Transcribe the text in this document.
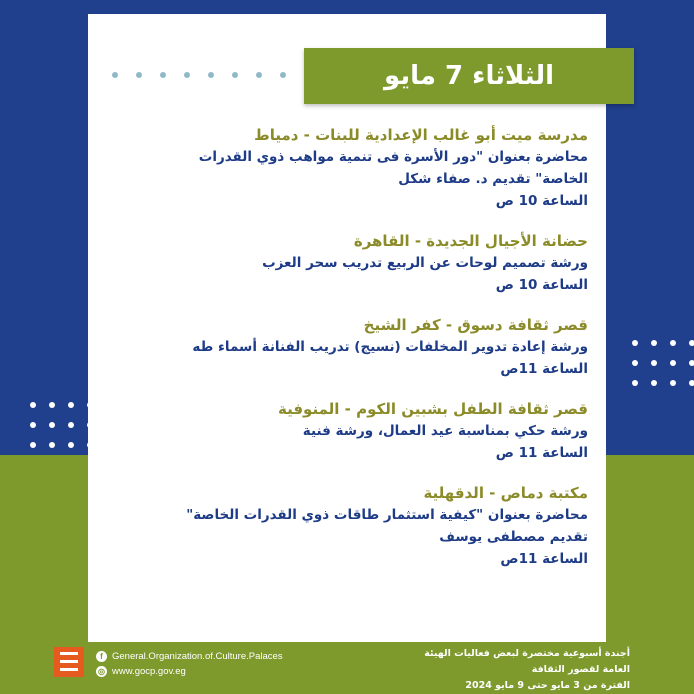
الثلاثاء 7 مايو
مدرسة ميت أبو غالب الإعدادية للبنات - دمياط
محاضرة بعنوان "دور الأسرة فى تنمية مواهب ذوي القدرات الخاصة" تقديم د. صفاء شكل
الساعة 10 ص
حضانة الأجيال الجديدة - القاهرة
ورشة تصميم لوحات عن الربيع تدريب سحر العزب
الساعة 10 ص
قصر ثقافة دسوق - كفر الشيخ
ورشة إعادة تدوير المخلفات (نسيج) تدريب الفنانة أسماء طه
الساعة 11ص
قصر ثقافة الطفل بشبين الكوم - المنوفية
ورشة حكي بمناسبة عيد العمال، ورشة فنية
الساعة 11 ص
مكتبة دماص - الدقهلية
محاضرة بعنوان "كيفية استثمار طاقات ذوي القدرات الخاصة" تقديم مصطفى يوسف
الساعة 11ص
f General.Organization.of.Culture.Palaces
◎ www.gocp.gov.eg
أجندة أسبوعية مختصرة لبعض فعاليات الهيئة العامة لقصور الثقافة
الفترة من 3 مايو حتى 9 مايو 2024
